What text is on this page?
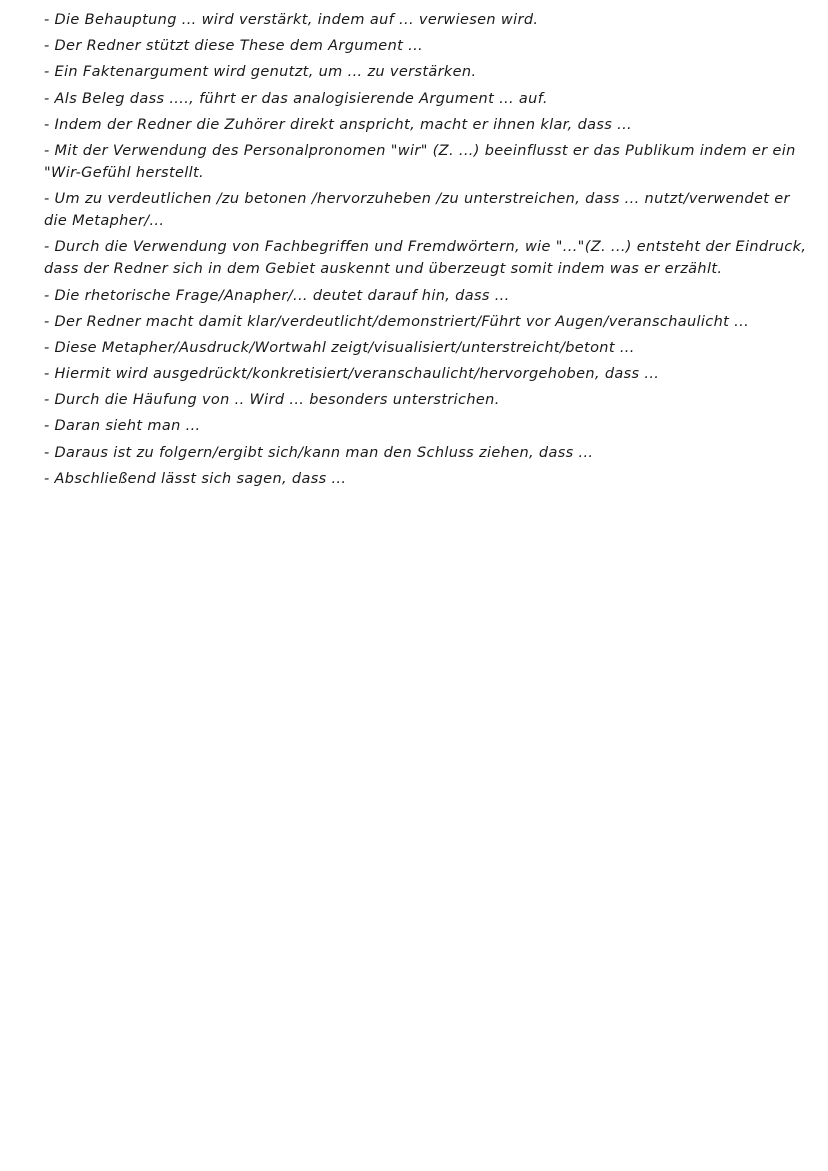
- Die Behauptung ... wird verstärkt, indem auf ... verwiesen wird.
- Der Redner stützt diese These dem Argument ...
- Ein Faktenargument wird genutzt, um ... zu verstärken.
- Als Beleg dass ...., führt er das analogisierende Argument ... auf.
- Indem der Redner die Zuhörer direkt anspricht, macht er ihnen klar, dass ...
- Mit der Verwendung des Personalpronomen "wir" (Z. ...) beeinflusst er das Publikum indem er ein "Wir-Gefühl herstellt.
- Um zu verdeutlichen /zu betonen /hervorzuheben /zu unterstreichen, dass ... nutzt/verwendet er die Metapher/...
- Durch die Verwendung von Fachbegriffen und Fremdwörtern, wie "..."(Z. ...) entsteht der Eindruck, dass der Redner sich in dem Gebiet auskennt und überzeugt somit indem was er erzählt.
- Die rhetorische Frage/Anapher/... deutet darauf hin, dass ...
- Der Redner macht damit klar/verdeutlicht/demonstriert/Führt vor Augen/veranschaulicht ...
- Diese Metapher/Ausdruck/Wortwahl zeigt/visualisiert/unterstreicht/betont ...
- Hiermit wird ausgedrückt/konkretisiert/veranschaulicht/hervorgehoben, dass ...
- Durch die Häufung von .. Wird ... besonders unterstrichen.
- Daran sieht man ...
- Daraus ist zu folgern/ergibt sich/kann man den Schluss ziehen, dass ...
- Abschließend lässt sich sagen, dass ...
